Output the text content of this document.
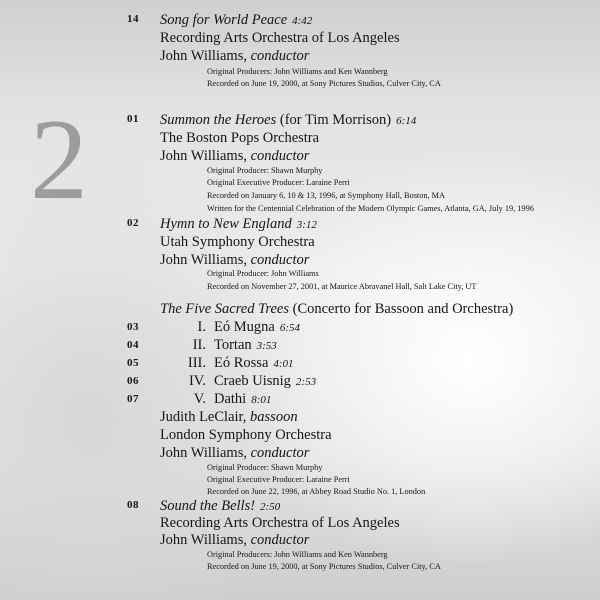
2
14	Song for World Peace 4:42
Recording Arts Orchestra of Los Angeles
John Williams, conductor
Original Producers: John Williams and Ken Wannberg
Recorded on June 19, 2000, at Sony Pictures Studios, Culver City, CA
01	Summon the Heroes (for Tim Morrison) 6:14
The Boston Pops Orchestra
John Williams, conductor
Original Producer: Shawn Murphy
Original Executive Producer: Laraine Perri
Recorded on January 6, 10 & 13, 1996, at Symphony Hall, Boston, MA
Written for the Centennial Celebration of the Modern Olympic Games, Atlanta, GA, July 19, 1996
02	Hymn to New England 3:12
Utah Symphony Orchestra
John Williams, conductor
Original Producer: John Williams
Recorded on November 27, 2001, at Maurice Abravanel Hall, Salt Lake City, UT
The Five Sacred Trees (Concerto for Bassoon and Orchestra)
03	I. Eó Mugna 6:54
04	II. Tortan 3:53
05	III. Eó Rossa 4:01
06	IV. Craeb Uisnig 2:53
07	V. Dathi 8:01
Judith LeClair, bassoon
London Symphony Orchestra
John Williams, conductor
Original Producer: Shawn Murphy
Original Executive Producer: Laraine Perri
Recorded on June 22, 1996, at Abbey Road Studio No. 1, London
08	Sound the Bells! 2:50
Recording Arts Orchestra of Los Angeles
John Williams, conductor
Original Producers: John Williams and Ken Wannberg
Recorded on June 19, 2000, at Sony Pictures Studios, Culver City, CA
